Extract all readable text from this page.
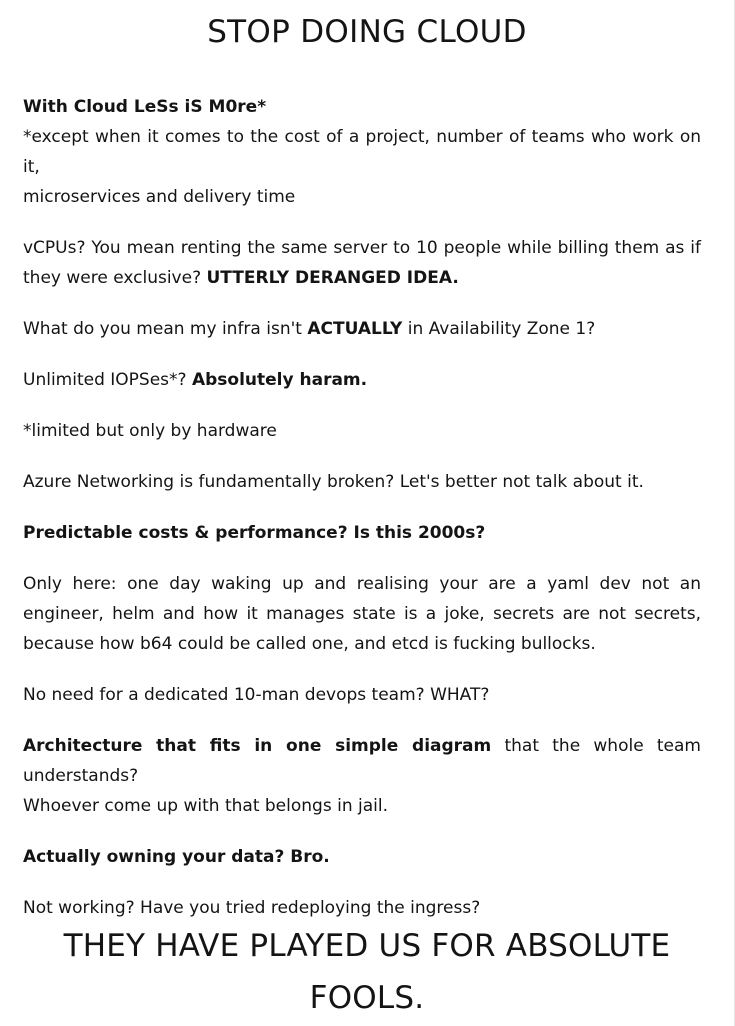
STOP DOING CLOUD
With Cloud LeSs iS M0re*
*except when it comes to the cost of a project, number of teams who work on it,
microservices and delivery time
vCPUs? You mean renting the same server to 10 people while billing them as if
they were exclusive? UTTERLY DERANGED IDEA.
What do you mean my infra isn't ACTUALLY in Availability Zone 1?
Unlimited IOPSes*? Absolutely haram.
*limited but only by hardware
Azure Networking is fundamentally broken? Let's better not talk about it.
Predictable costs & performance? Is this 2000s?
Only here: one day waking up and realising your are a yaml dev not an
engineer, helm and how it manages state is a joke, secrets are not secrets,
because how b64 could be called one, and etcd is fucking bullocks.
No need for a dedicated 10-man devops team? WHAT?
Architecture that fits in one simple diagram that the whole team understands?
Whoever come up with that belongs in jail.
Actually owning your data? Bro.
Not working? Have you tried redeploying the ingress?
THEY HAVE PLAYED US FOR ABSOLUTE
FOOLS.
